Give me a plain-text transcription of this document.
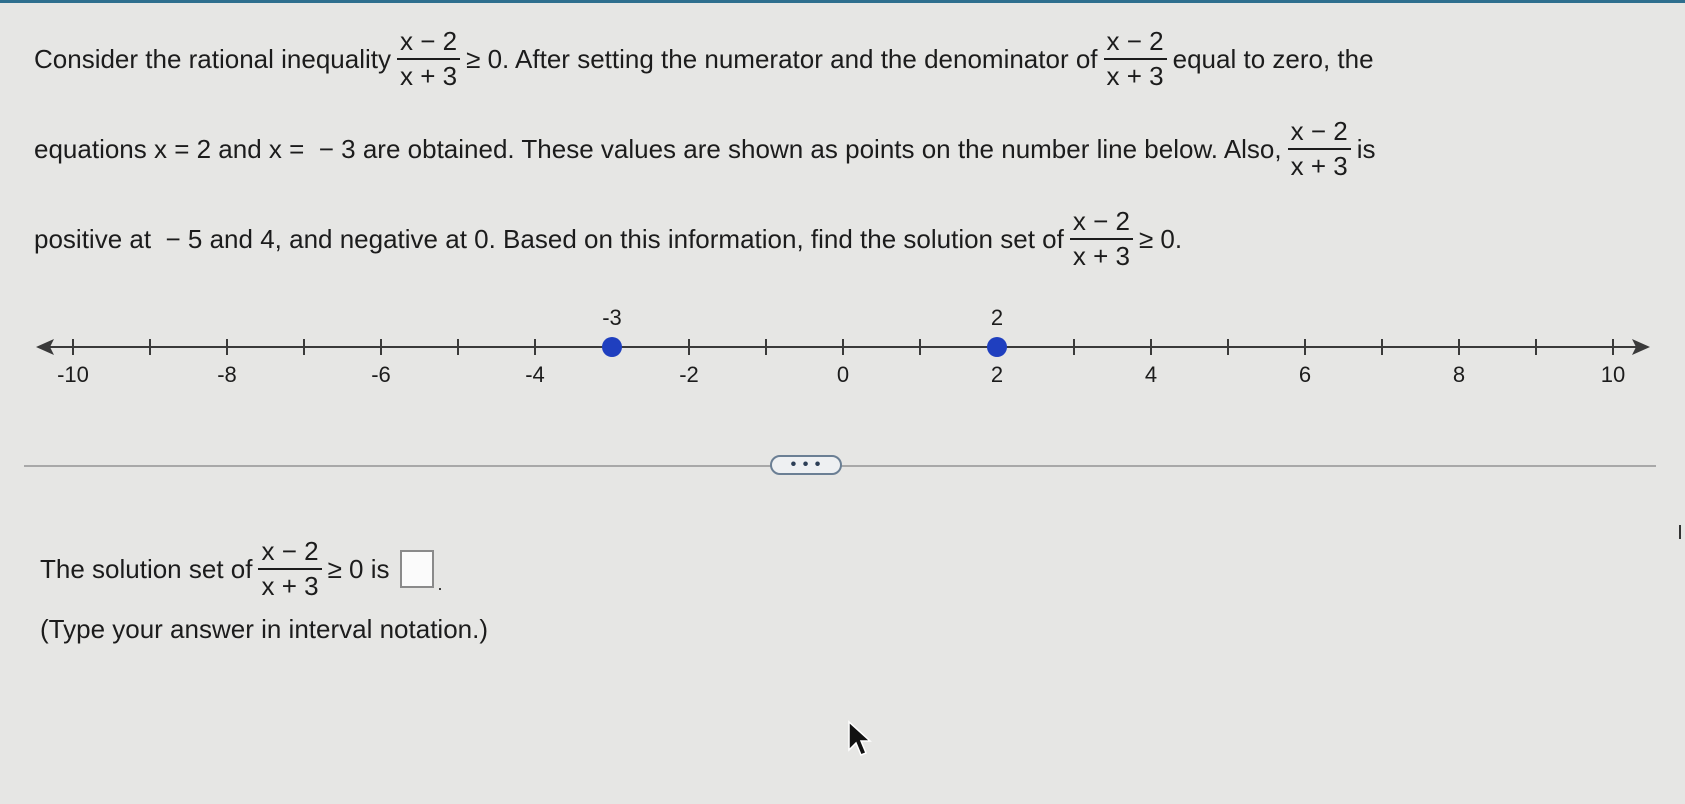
Consider the rational inequality $\frac{x - 2}{x + 3} \ge 0$. After setting the numerator and the denominator of $\frac{x - 2}{x + 3}$ equal to zero, the
equations x = 2 and x =  − 3 are obtained. These values are shown as points on the number line below. Also, $\frac{x - 2}{x + 3}$ is
positive at  − 5 and 4, and negative at 0. Based on this information, find the solution set of $\frac{x - 2}{x + 3} \ge 0$.
-10	-8	-6	-4	-2	0	2	4	6	8	10
-3	2
• • •
The solution set of $\frac{x - 2}{x + 3} \ge 0$ is	.
(Type your answer in interval notation.)
